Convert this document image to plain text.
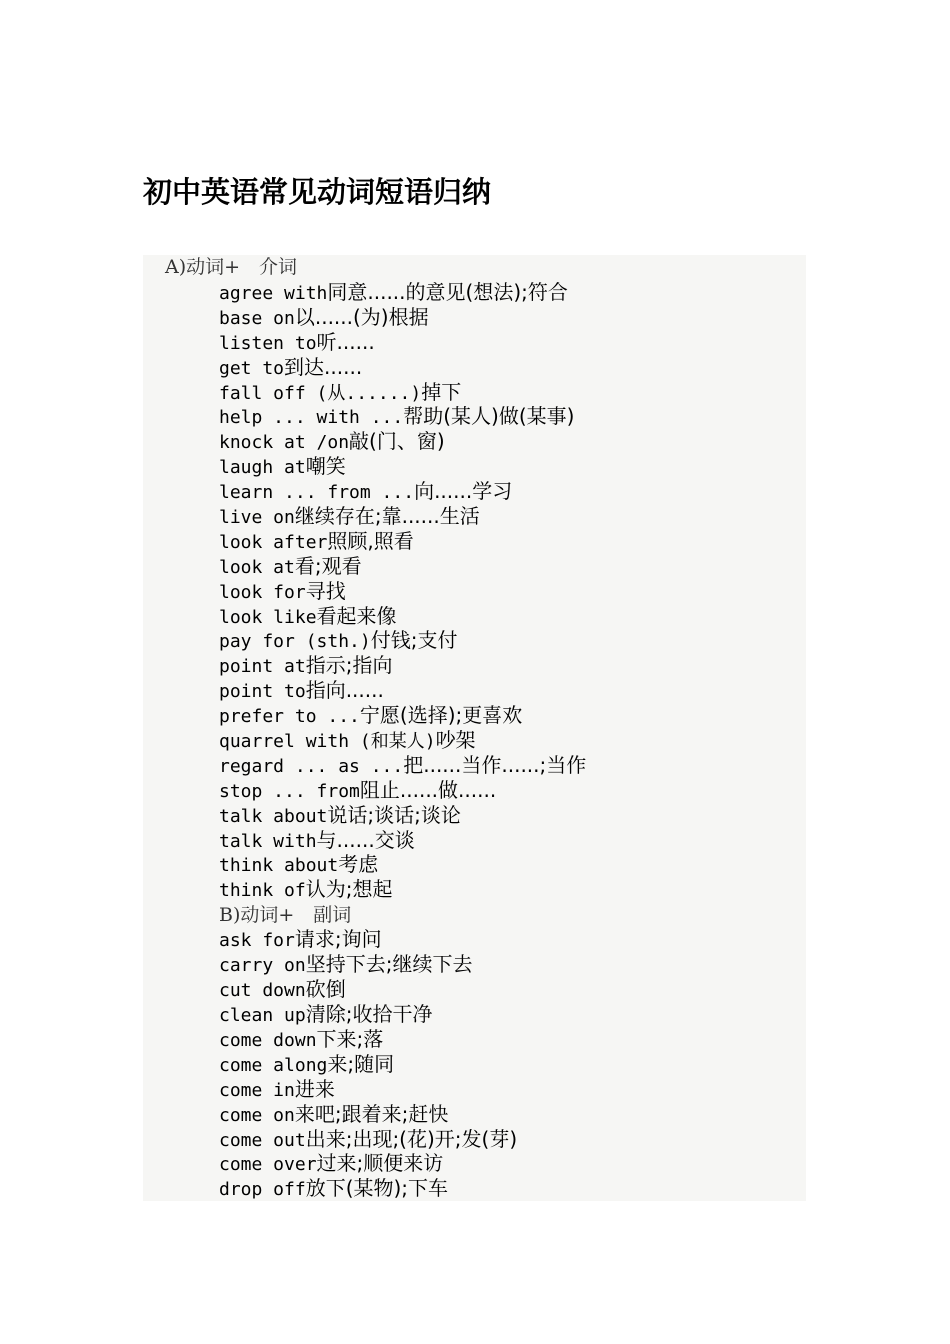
初中英语常见动词短语归纳
A)动词+　介词
agree with同意......的意见(想法);符合
base on以......(为)根据
listen to听......
get to到达......
fall off (从......)掉下
help ... with ...帮助(某人)做(某事)
knock at /on敲(门、窗)
laugh at嘲笑
learn ... from ...向......学习
live on继续存在;靠......生活
look after照顾,照看
look at看;观看
look for寻找
look like看起来像
pay for (sth.)付钱;支付
point at指示;指向
point to指向......
prefer to ...宁愿(选择);更喜欢
quarrel with (和某人)吵架
regard ... as ...把......当作......;当作
stop ... from阻止......做......
talk about说话;谈话;谈论
talk with与......交谈
think about考虑
think of认为;想起
B)动词+　副词
ask for请求;询问
carry on坚持下去;继续下去
cut down砍倒
clean up清除;收拾干净
come down下来;落
come along来;随同
come in进来
come on来吧;跟着来;赶快
come out出来;出现;(花)开;发(芽)
come over过来;顺便来访
drop off放下(某物);下车
